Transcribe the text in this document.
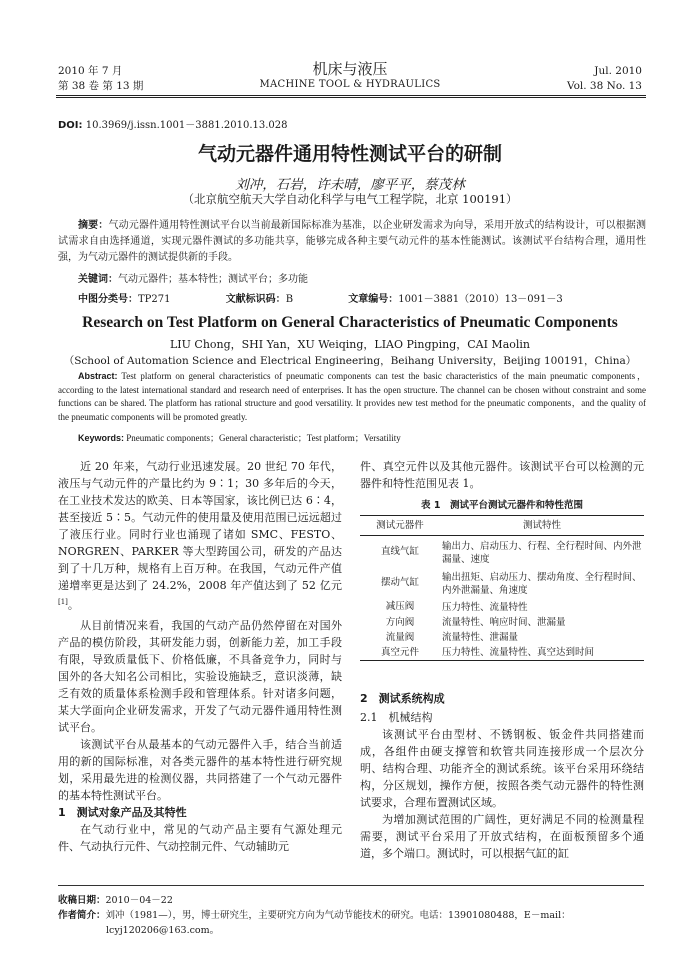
2010 年 7 月
第 38 卷 第 13 期
机床与液压
MACHINE TOOL & HYDRAULICS
Jul. 2010
Vol. 38 No. 13
DOI: 10.3969/j.issn.1001－3881.2010.13.028
气动元器件通用特性测试平台的研制
刘冲，石岩，许未晴，廖平平，蔡茂林
（北京航空航天大学自动化科学与电气工程学院，北京 100191）
摘要：气动元器件通用特性测试平台以当前最新国际标准为基准，以企业研发需求为向导，采用开放式的结构设计，可以根据测试需求自由选择通道，实现元器件测试的多功能共享，能够完成各种主要气动元件的基本性能测试。该测试平台结构合理，通用性强，为气动元器件的测试提供新的手段。
关键词：气动元器件；基本特性；测试平台；多功能
中图分类号：TP271	文献标识码：B	文章编号：1001－3881（2010）13－091－3
Research on Test Platform on General Characteristics of Pneumatic Components
LIU Chong，SHI Yan，XU Weiqing，LIAO Pingping，CAI Maolin
（School of Automation Science and Electrical Engineering，Beihang University，Beijing 100191，China）
Abstract: Test platform on general characteristics of pneumatic components can test the basic characteristics of the main pneumatic components，according to the latest international standard and research need of enterprises. It has the open structure. The channel can be chosen without constraint and some functions can be shared. The platform has rational structure and good versatility. It provides new test method for the pneumatic components，and the quality of the pneumatic components will be promoted greatly.
Keywords: Pneumatic components；General characteristic；Test platform；Versatility

近 20 年来，气动行业迅速发展。20 世纪 70 年代，液压与气动元件的产量比约为 9∶1；30 多年后的今天，在工业技术发达的欧美、日本等国家，该比例已达 6∶4，甚至接近 5∶5。气动元件的使用量及使用范围已远远超过了液压行业。同时行业也涌现了诸如 SMC、FESTO、NORGREN、PARKER 等大型跨国公司，研发的产品达到了十几万种，规格有上百万种。在我国，气动元件产值递增率更是达到了 24.2%，2008 年产值达到了 52 亿元[1]。

从目前情况来看，我国的气动产品仍然停留在对国外产品的模仿阶段，其研发能力弱，创新能力差，加工手段有限，导致质量低下、价格低廉，不具备竞争力，同时与国外的各大知名公司相比，实验设施缺乏，意识淡薄，缺乏有效的质量体系检测手段和管理体系。针对诸多问题，某大学面向企业研发需求，开发了气动元器件通用特性测试平台。

该测试平台从最基本的气动元器件入手，结合当前适用的新的国际标准，对各类元器件的基本特性进行研究规划，采用最先进的检测仪器，共同搭建了一个气动元器件的基本特性测试平台。

1　测试对象产品及其特性

在气动行业中，常见的气动产品主要有气源处理元件、气动执行元件、气动控制元件、气动辅助元

件、真空元件以及其他元器件。该测试平台可以检测的元器件和特性范围见表 1。

表 1　测试平台测试元器件和特性范围
测试元器件	测试特性
直线气缸	输出力、启动压力、行程、全行程时间、内外泄漏量、速度
摆动气缸	输出扭矩、启动压力、摆动角度、全行程时间、内外泄漏量、角速度
减压阀	压力特性、流量特性
方向阀	流量特性、响应时间、泄漏量
流量阀	流量特性、泄漏量
真空元件	压力特性、流量特性、真空达到时间

2　测试系统构成

2.1　机械结构

该测试平台由型材、不锈钢板、钣金件共同搭建而成，各组件由硬支撑管和软管共同连接形成一个层次分明、结构合理、功能齐全的测试系统。该平台采用环绕结构，分区规划，操作方便，按照各类气动元器件的特性测试要求，合理布置测试区域。

为增加测试范围的广阔性，更好满足不同的检测量程需要，测试平台采用了开放式结构，在面板预留多个通道，多个端口。测试时，可以根据气缸的缸

收稿日期：2010－04－22
作者简介：刘冲（1981—），男，博士研究生，主要研究方向为气动节能技术的研究。电话：13901080488，E－mail：lcyj120206@163.com。
